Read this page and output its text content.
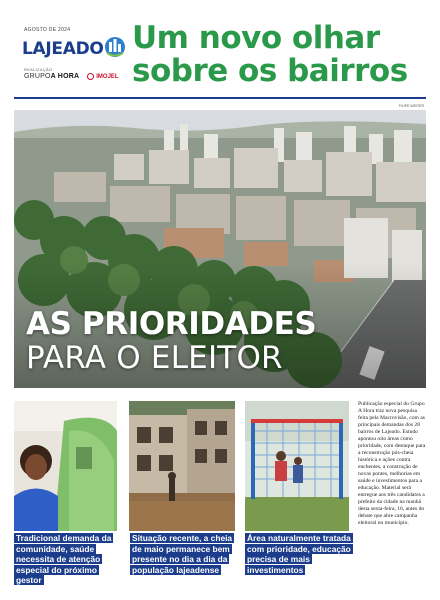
AGOSTO DE 2024
LAJEADO
REALIZAÇÃO
GRUPOA HORA	IMOJEL
Um novo olhar
sobre os bairros
FILIPE WEITER
AS PRIORIDADES
PARA O ELEITOR
Tradicional demanda da comunidade, saúde necessita de atenção especial do próximo gestor
Situação recente, a cheia de maio permanece bem presente no dia a dia da população lajeadense
Área naturalmente tratada com prioridade, educação precisa de mais investimentos
Publicação especial do Grupo A Hora traz nova pesquisa feita pela Macrovisão, com as principais demandas dos 28 bairros de Lajeado. Estudo apontou oito áreas como prioridade, com destaque para a reconstrução pós-cheia histórica e ações contra enchentes, a construção de novas pontes, melhorias em saúde e investimentos para a educação. Material será entregue aos três candidatos a prefeito da cidade na manhã desta sexta-feira, 16, antes do debate que abre campanha eleitoral no município.
